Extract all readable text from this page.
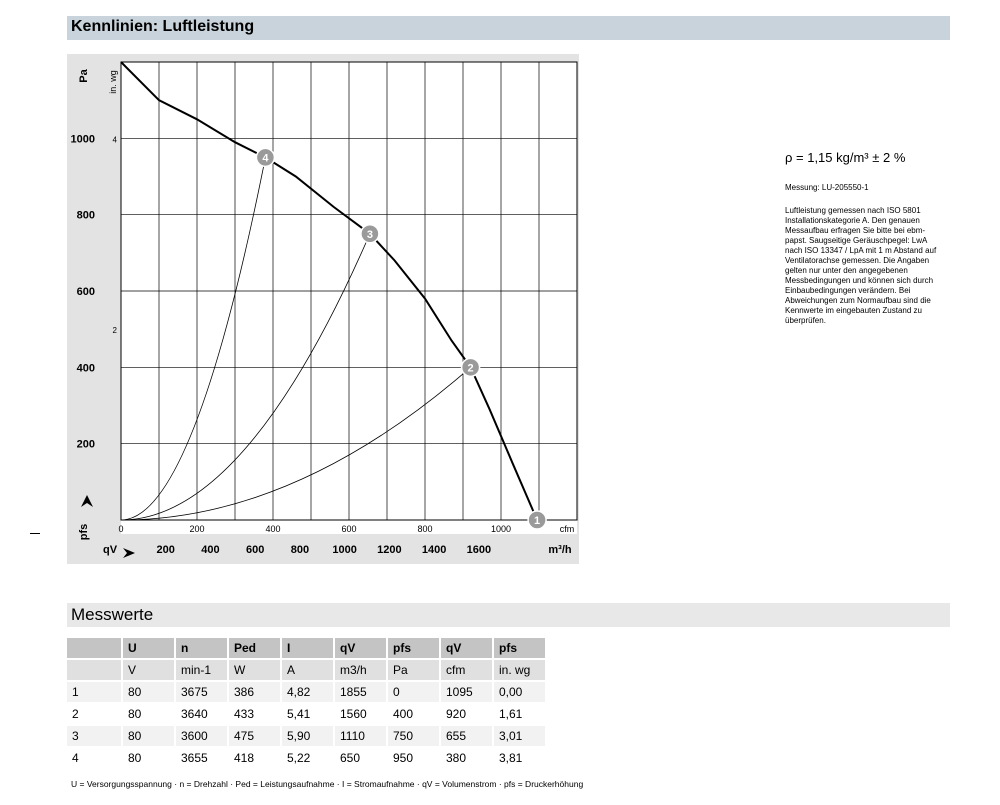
Kennlinien: Luftleistung
200
400
600
800
1000
2
4
Pa in. wg
pfs	0	200	400	600	800	1000	cfm
200 400 600 800 1000 1200 1400 1600	m³/h
qV
1
2
3
4	ρ = 1,15 kg/m³ ± 2 %
Messung: LU-205550-1
Luftleistung gemessen nach ISO 5801
Installationskategorie A. Den genauen
Messaufbau erfragen Sie bitte bei ebm-
papst. Saugseitige Geräuschpegel: LwA
nach ISO 13347 / LpA mit 1 m Abstand auf
Ventilatorachse gemessen. Die Angaben
gelten nur unter den angegebenen
Messbedingungen und können sich durch
Einbaubedingungen verändern. Bei
Abweichungen zum Normaufbau sind die
Kennwerte im eingebauten Zustand zu
überprüfen.
Messwerte
	U	n	Ped	I	qV	pfs	qV	pfs
	V	min-1	W	A	m3/h	Pa	cfm	in. wg
1	80	3675	386	4,82	1855	0	1095	0,00
2	80	3640	433	5,41	1560	400	920	1,61
3	80	3600	475	5,90	1110	750	655	3,01
4	80	3655	418	5,22	650	950	380	3,81
U = Versorgungsspannung · n = Drehzahl · Ped = Leistungsaufnahme · I = Stromaufnahme · qV = Volumenstrom · pfs = Druckerhöhung
